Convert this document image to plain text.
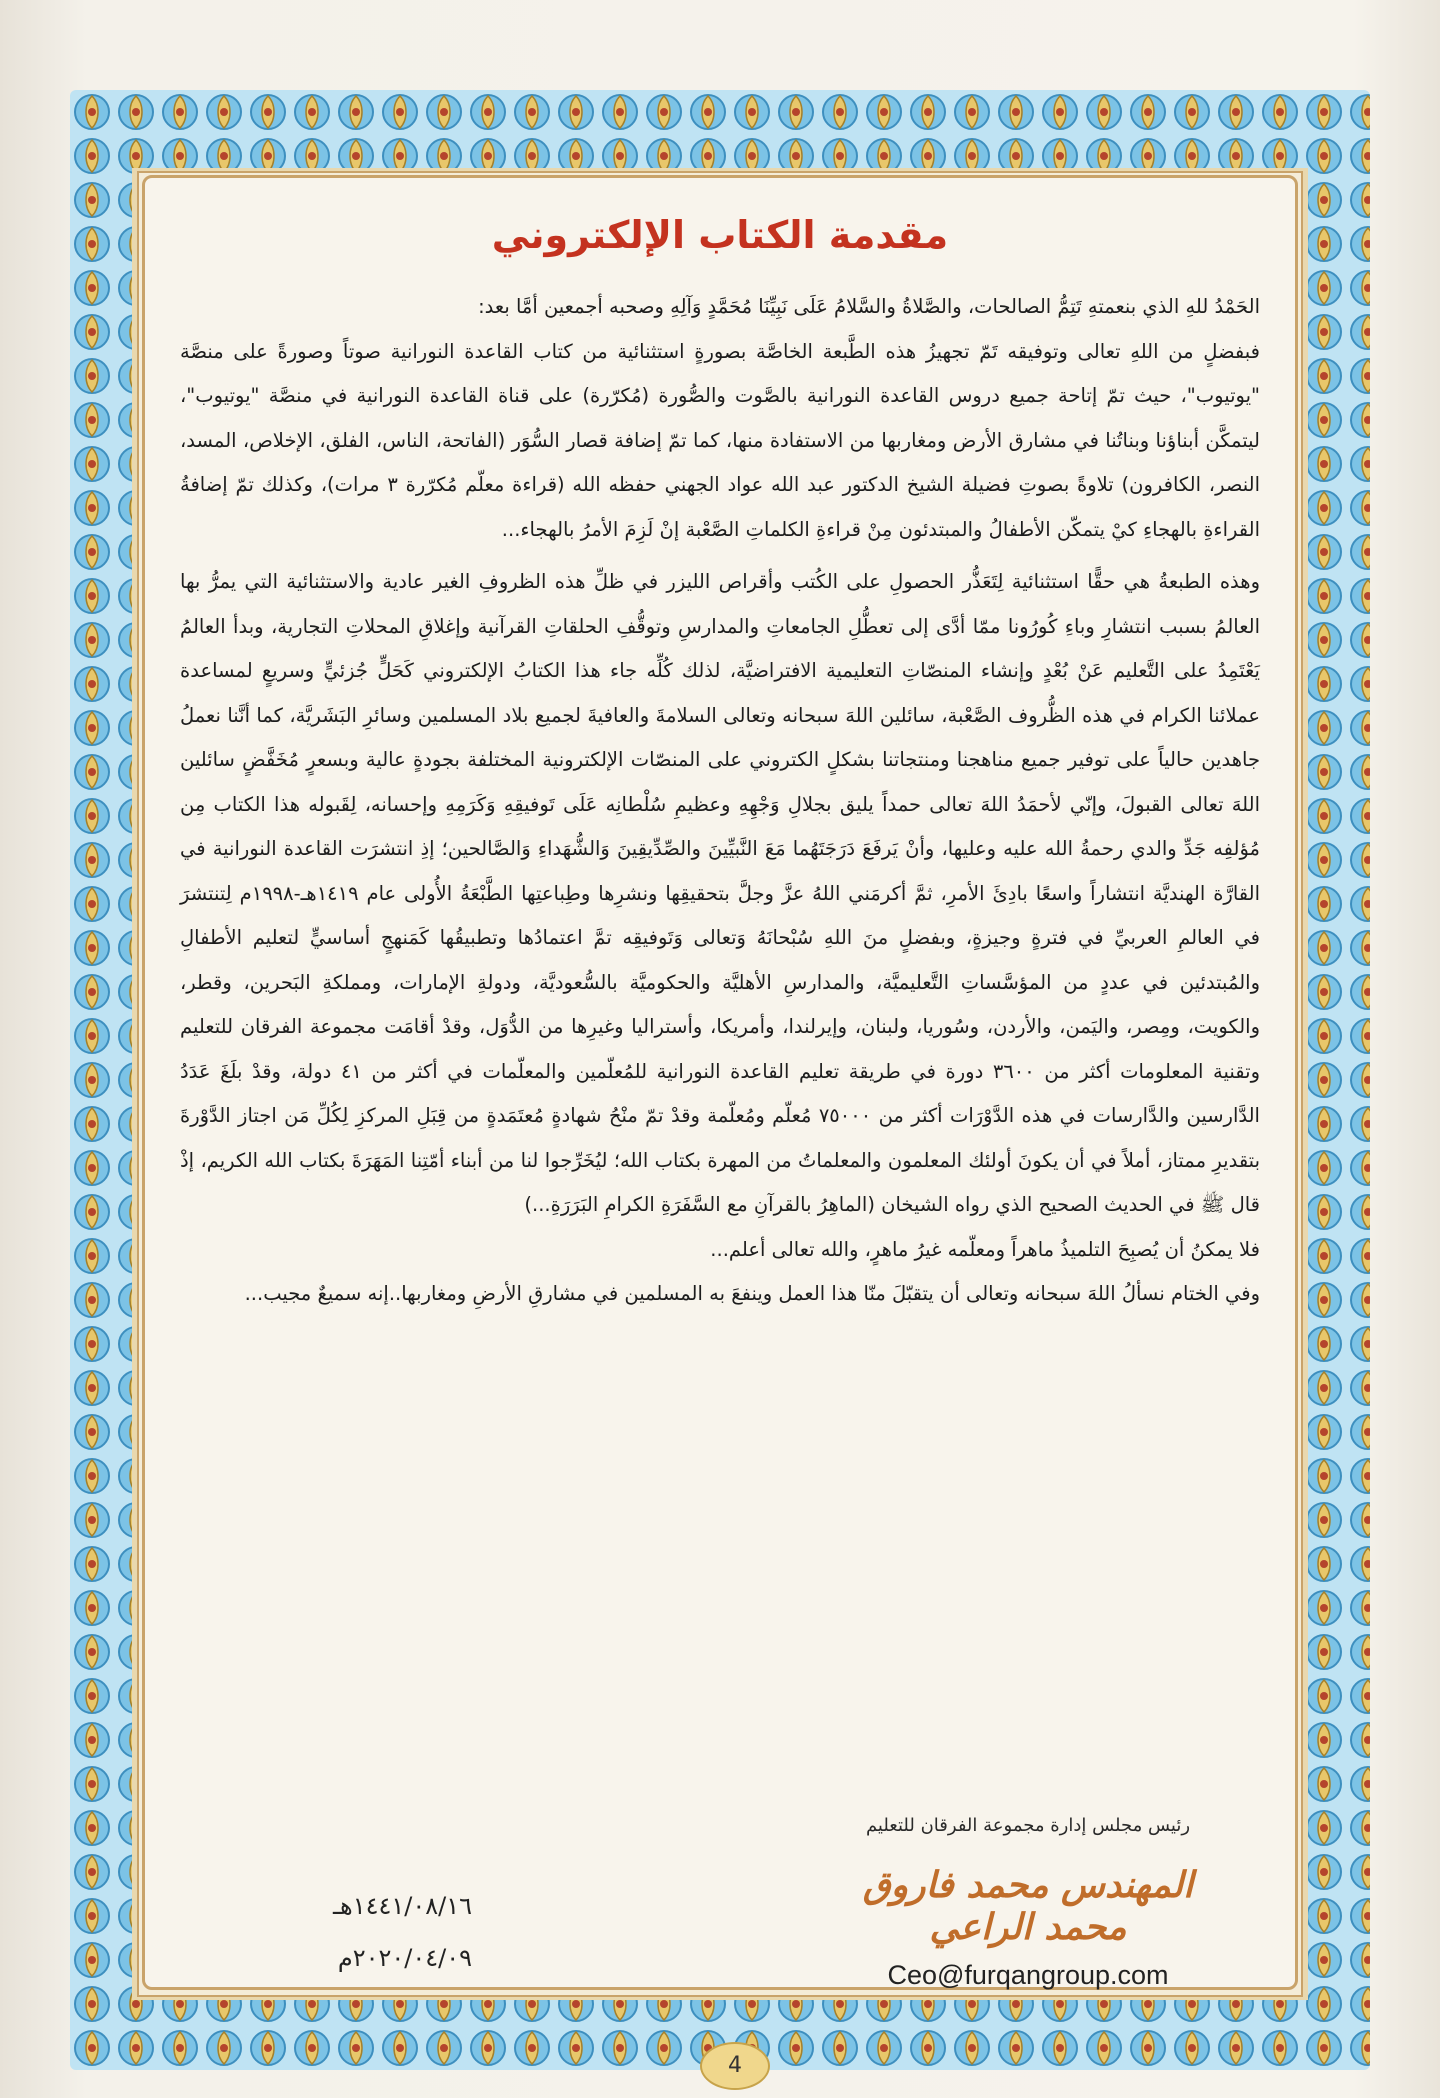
مقدمة الكتاب الإلكتروني

الحَمْدُ للهِ الذي بنعمتهِ تَتِمُّ الصالحات، والصَّلاةُ والسَّلامُ عَلَى نَبِيِّنَا مُحَمَّدٍ وَآلِهِ وصحبه أجمعين أمَّا بعد:

فبفضلٍ من اللهِ تعالى وتوفيقه تَمّ تجهيزُ هذه الطَّبعة الخاصَّة بصورةٍ استثنائية من كتاب القاعدة النورانية صوتاً وصورةً على منصَّة "يوتيوب"، حيث تمّ إتاحة جميع دروس القاعدة النورانية بالصَّوت والصُّورة (مُكرّرة) على قناة القاعدة النورانية في منصَّة "يوتيوب"، ليتمكَّن أبناؤنا وبناتُنا في مشارق الأرض ومغاربها من الاستفادة منها، كما تمّ إضافة قصار السُّوَر (الفاتحة، الناس، الفلق، الإخلاص، المسد، النصر، الكافرون) تلاوةً بصوتِ فضيلة الشيخ الدكتور عبد الله عواد الجهني حفظه الله (قراءة معلّم مُكرّرة ٣ مرات)، وكذلك تمّ إضافةُ القراءةِ بالهجاءِ كيْ يتمكّن الأطفالُ والمبتدئون مِنْ قراءةِ الكلماتِ الصَّعْبة إنْ لَزِمَ الأمرُ بالهجاء...

وهذه الطبعةُ هي حقًّا استثنائية لِتَعَذُّر الحصولِ على الكُتب وأقراص الليزر في ظلِّ هذه الظروفِ الغير عادية والاستثنائية التي يمرُّ بها العالمُ بسبب انتشارِ وباءِ كُورُونا ممّا أدَّى إلى تعطُّلِ الجامعاتِ والمدارسِ وتوقُّفِ الحلقاتِ القرآنية وإغلاقِ المحلاتِ التجارية، وبدأ العالمُ يَعْتَمِدُ على التَّعليم عَنْ بُعْدٍ وإنشاء المنصّاتِ التعليمية الافتراضيَّة، لذلك كُلِّه جاء هذا الكتابُ الإلكتروني كَحَلٍّ جُزئيٍّ وسريعٍ لمساعدة عملائنا الكرام في هذه الظُّروف الصَّعْبة، سائلين اللهَ سبحانه وتعالى السلامةَ والعافيةَ لجميع بلاد المسلمين وسائرِ البَشَريَّة، كما أنَّنا نعملُ جاهدين حالياً على توفير جميع مناهجنا ومنتجاتنا بشكلٍ الكتروني على المنصّات الإلكترونية المختلفة بجودةٍ عالية وبسعرٍ مُخَفَّضٍ سائلين اللهَ تعالى القبولَ، وإنّي لأحمَدُ اللهَ تعالى حمداً يليق بجلالِ وَجْهِهِ وعظيمِ سُلْطانِه عَلَى تَوفيقِهِ وَكَرَمِهِ وإحسانه، لِقَبوله هذا الكتاب مِن مُؤلفِه جَدِّ والدي رحمةُ الله عليه وعليها، وأنْ يَرفَعَ دَرَجَتَهُما مَعَ النَّبيِّينَ والصِّدِّيقِينَ وَالشُّهَداءِ وَالصَّالحين؛ إذِ انتشرَت القاعدة النورانية في القارَّة الهنديَّة انتشاراً واسعًا بادِئَ الأمرِ، ثمَّ أكرمَني اللهُ عزَّ وجلَّ بتحقيقِها ونشرِها وطِباعتِها الطَّبْعَةُ الأُولى عام ١٤١٩هـ-١٩٩٨م لِتنتشرَ في العالمِ العربيِّ في فترةٍ وجيزةٍ، وبفضلٍ منَ اللهِ سُبْحانَهُ وَتعالى وَتَوفيقِه تمَّ اعتمادُها وتطبيقُها كَمَنهجٍ أساسيٍّ لتعليم الأطفالِ والمُبتدئين في عددٍ من المؤسَّساتِ التَّعليميَّة، والمدارسِ الأهليَّة والحكوميَّة بالسُّعوديَّة، ودولةِ الإمارات، ومملكةِ البَحرين، وقطر، والكويت، ومِصر، واليَمن، والأردن، وسُوريا، ولبنان، وإيرلندا، وأمريكا، وأستراليا وغيرِها من الدُّوَل، وقدْ أقامَت مجموعة الفرقان للتعليم وتقنية المعلومات أكثر من ٣٦٠٠ دورة في طريقة تعليم القاعدة النورانية للمُعلّمين والمعلّمات في أكثر من ٤١ دولة، وقدْ بلَغَ عَدَدُ الدَّارسين والدَّارسات في هذه الدَّوْرَات أكثر من ٧٥٠٠٠ مُعلّم ومُعلّمة وقدْ تمّ منْحُ شهادةٍ مُعتَمَدةٍ من قِبَلِ المركزِ لِكُلِّ مَن اجتاز الدَّوْرةَ بتقديرِ ممتاز، أملاً في أن يكونَ أولئك المعلمون والمعلماتُ من المهرة بكتاب الله؛ ليُخَرِّجوا لنا من أبناء أمّتِنا المَهَرَةَ بكتاب الله الكريم، إذْ قال ﷺ في الحديث الصحيح الذي رواه الشيخان (الماهِرُ بالقرآنِ مع السَّفَرَةِ الكرامِ البَرَرَةِ...)

فلا يمكنُ أن يُصبِحَ التلميذُ ماهراً ومعلّمه غيرُ ماهرٍ، والله تعالى أعلم...

وفي الختام نسألُ اللهَ سبحانه وتعالى أن يتقبّلَ منّا هذا العمل وينفعَ به المسلمين في مشارقِ الأرضِ ومغاربها..إنه سميعٌ مجيب...

رئيس مجلس إدارة مجموعة الفرقان للتعليم
المهندس محمد فاروق محمد الراعي
Ceo@furqangroup.com
١٤٤١/٠٨/١٦هـ
٢٠٢٠/٠٤/٠٩م
4
